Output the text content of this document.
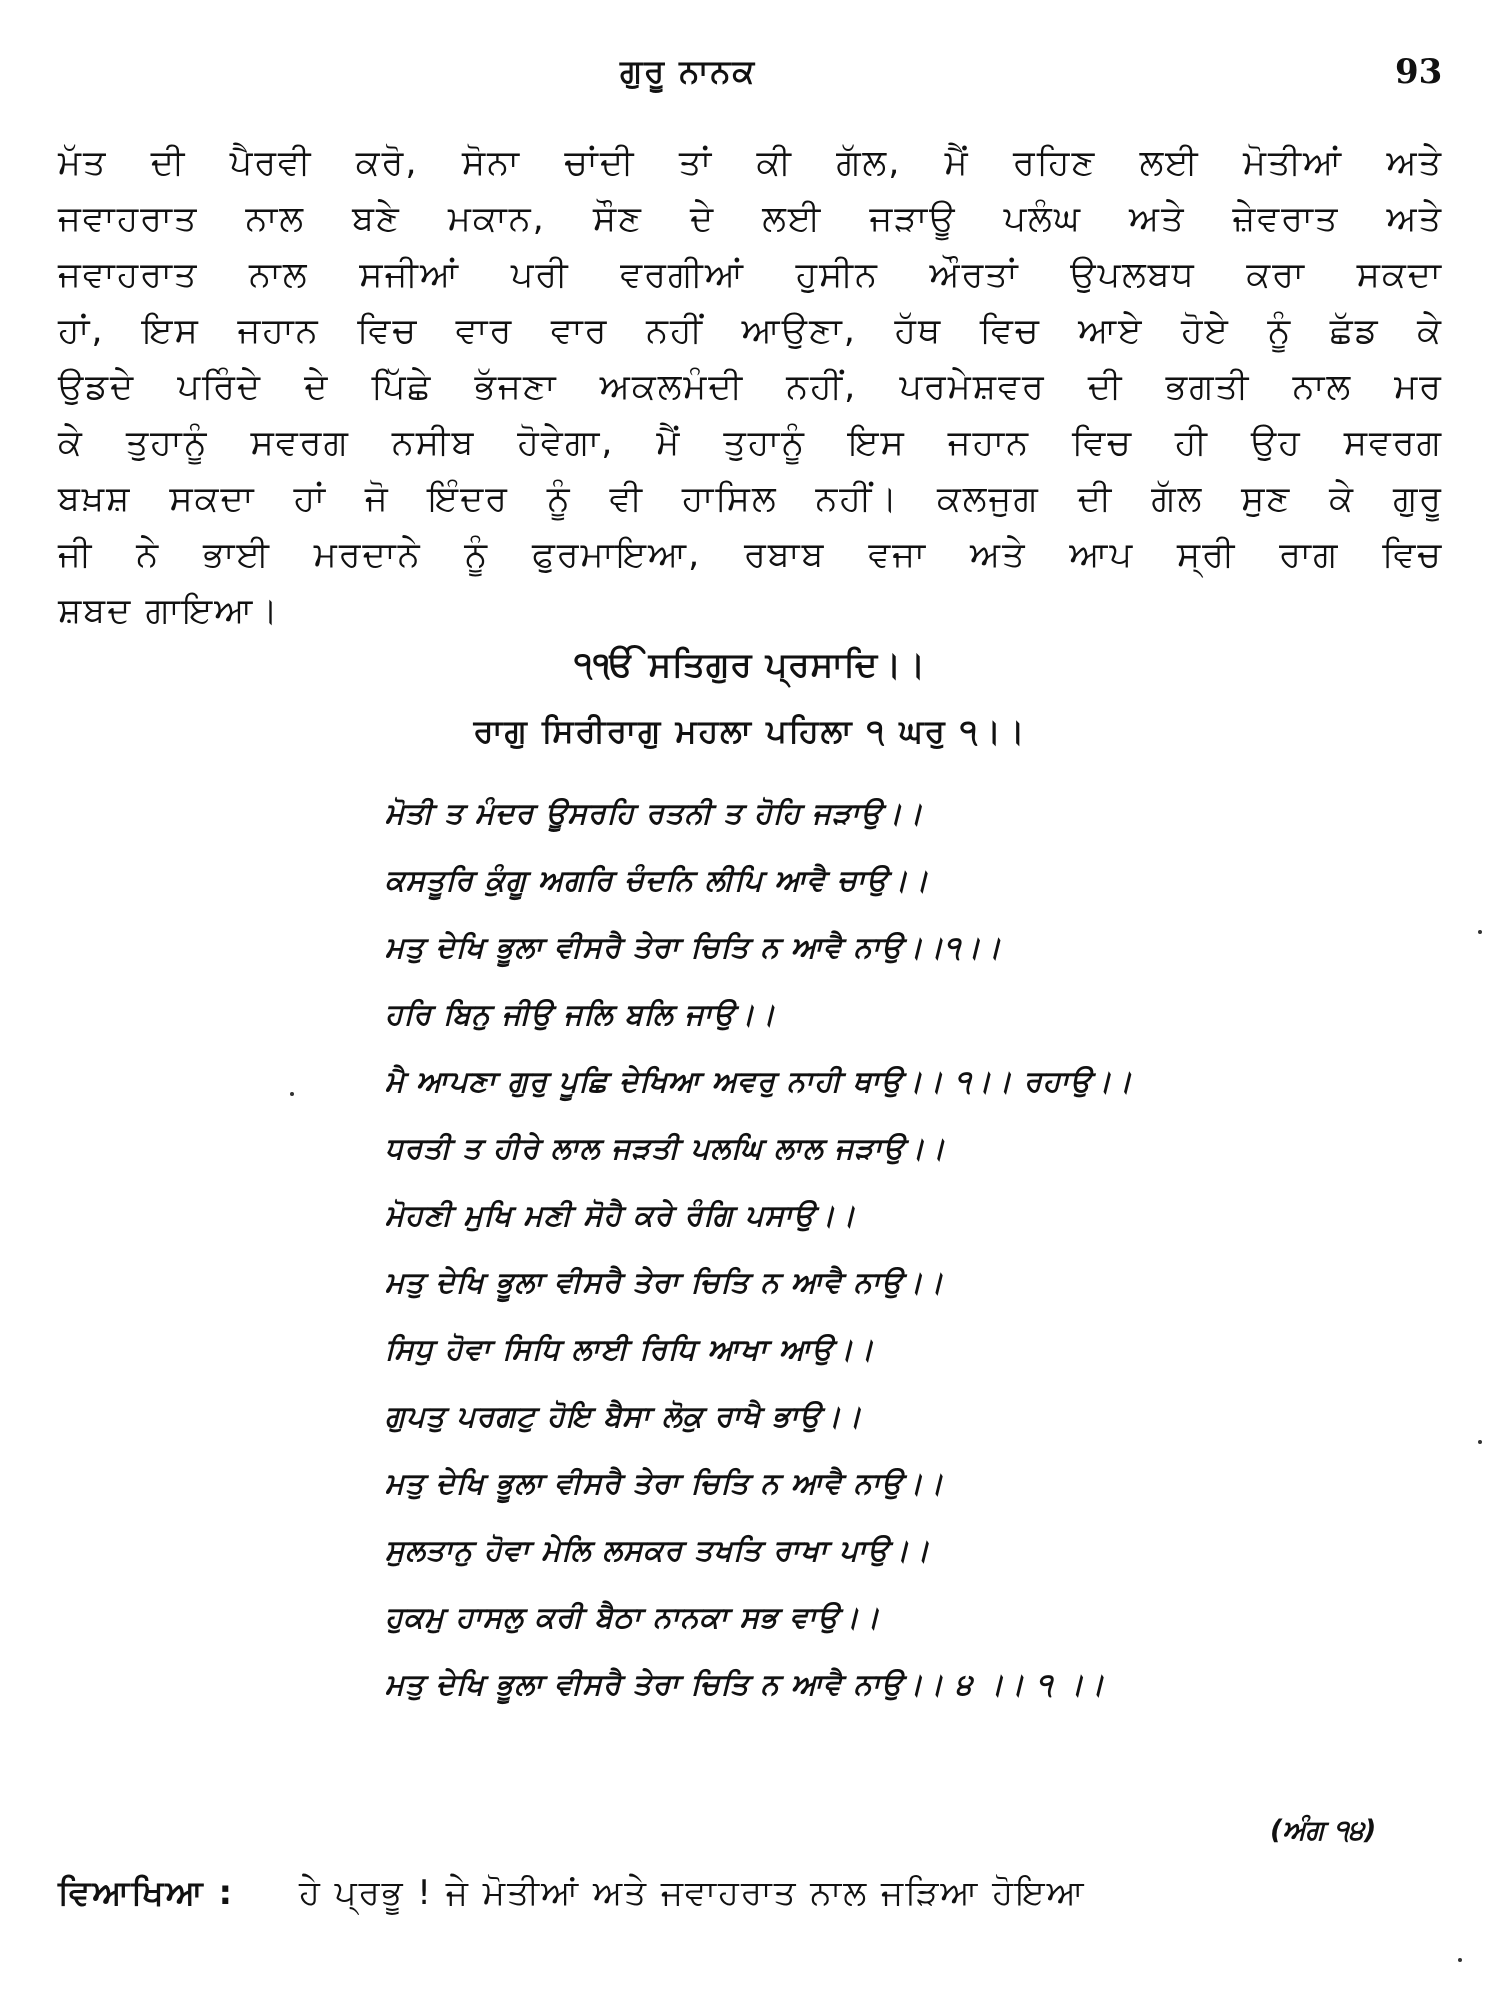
ਗੁਰੂ ਨਾਨਕ	93
ਮੱਤ ਦੀ ਪੈਰਵੀ ਕਰੋ, ਸੋਨਾ ਚਾਂਦੀ ਤਾਂ ਕੀ ਗੱਲ, ਮੈਂ ਰਹਿਣ ਲਈ ਮੋਤੀਆਂ ਅਤੇ
ਜਵਾਹਰਾਤ ਨਾਲ ਬਣੇ ਮਕਾਨ, ਸੌਣ ਦੇ ਲਈ ਜੜਾਊ ਪਲੰਘ ਅਤੇ ਜ਼ੇਵਰਾਤ ਅਤੇ
ਜਵਾਹਰਾਤ ਨਾਲ ਸਜੀਆਂ ਪਰੀ ਵਰਗੀਆਂ ਹੁਸੀਨ ਔਰਤਾਂ ਉਪਲਬਧ ਕਰਾ ਸਕਦਾ
ਹਾਂ, ਇਸ ਜਹਾਨ ਵਿਚ ਵਾਰ ਵਾਰ ਨਹੀਂ ਆਉਣਾ, ਹੱਥ ਵਿਚ ਆਏ ਹੋਏ ਨੂੰ ਛੱਡ ਕੇ
ਉਡਦੇ ਪਰਿੰਦੇ ਦੇ ਪਿੱਛੇ ਭੱਜਣਾ ਅਕਲਮੰਦੀ ਨਹੀਂ, ਪਰਮੇਸ਼ਵਰ ਦੀ ਭਗਤੀ ਨਾਲ ਮਰ
ਕੇ ਤੁਹਾਨੂੰ ਸਵਰਗ ਨਸੀਬ ਹੋਵੇਗਾ, ਮੈਂ ਤੁਹਾਨੂੰ ਇਸ ਜਹਾਨ ਵਿਚ ਹੀ ਉਹ ਸਵਰਗ
ਬਖ਼ਸ਼ ਸਕਦਾ ਹਾਂ ਜੋ ਇੰਦਰ ਨੂੰ ਵੀ ਹਾਸਿਲ ਨਹੀਂ। ਕਲਜੁਗ ਦੀ ਗੱਲ ਸੁਣ ਕੇ ਗੁਰੂ
ਜੀ ਨੇ ਭਾਈ ਮਰਦਾਨੇ ਨੂੰ ਫੁਰਮਾਇਆ, ਰਬਾਬ ਵਜਾ ਅਤੇ ਆਪ ਸ੍ਰੀ ਰਾਗ ਵਿਚ
ਸ਼ਬਦ ਗਾਇਆ।
੧ੴ ਸਤਿਗੁਰ ਪ੍ਰਸਾਦਿ।।
ਰਾਗੁ ਸਿਰੀਰਾਗੁ ਮਹਲਾ ਪਹਿਲਾ ੧ ਘਰੁ ੧।।
ਮੋਤੀ ਤ ਮੰਦਰ ਊਸਰਹਿ ਰਤਨੀ ਤ ਹੋਹਿ ਜੜਾਉ।।
ਕਸਤੂਰਿ ਕੁੰਗੂ ਅਗਰਿ ਚੰਦਨਿ ਲੀਪਿ ਆਵੈ ਚਾਉ।।
ਮਤੁ ਦੇਖਿ ਭੂਲਾ ਵੀਸਰੈ ਤੇਰਾ ਚਿਤਿ ਨ ਆਵੈ ਨਾਉ।।੧।।
ਹਰਿ ਬਿਨੁ ਜੀਉ ਜਲਿ ਬਲਿ ਜਾਉ।।
ਮੈ ਆਪਣਾ ਗੁਰੁ ਪੂਛਿ ਦੇਖਿਆ ਅਵਰੁ ਨਾਹੀ ਥਾਉ।। ੧।। ਰਹਾਉ।।
ਧਰਤੀ ਤ ਹੀਰੇ ਲਾਲ ਜੜਤੀ ਪਲਘਿ ਲਾਲ ਜੜਾਉ।।
ਮੋਹਣੀ ਮੁਖਿ ਮਣੀ ਸੋਹੈ ਕਰੇ ਰੰਗਿ ਪਸਾਉ।।
ਮਤੁ ਦੇਖਿ ਭੂਲਾ ਵੀਸਰੈ ਤੇਰਾ ਚਿਤਿ ਨ ਆਵੈ ਨਾਉ।।
ਸਿਧੁ ਹੋਵਾ ਸਿਧਿ ਲਾਈ ਰਿਧਿ ਆਖਾ ਆਉ।।
ਗੁਪਤੁ ਪਰਗਟੁ ਹੋਇ ਬੈਸਾ ਲੋਕੁ ਰਾਖੈ ਭਾਉ।।
ਮਤੁ ਦੇਖਿ ਭੂਲਾ ਵੀਸਰੈ ਤੇਰਾ ਚਿਤਿ ਨ ਆਵੈ ਨਾਉ।।
ਸੁਲਤਾਨੁ ਹੋਵਾ ਮੇਲਿ ਲਸਕਰ ਤਖਤਿ ਰਾਖਾ ਪਾਉ।।
ਹੁਕਮੁ ਹਾਸਲੁ ਕਰੀ ਬੈਠਾ ਨਾਨਕਾ ਸਭ ਵਾਉ।।
ਮਤੁ ਦੇਖਿ ਭੂਲਾ ਵੀਸਰੈ ਤੇਰਾ ਚਿਤਿ ਨ ਆਵੈ ਨਾਉ।। ੪ ।। ੧ ।।
(ਅੰਗ ੧੪)
ਵਿਆਖਿਆ : ਹੇ ਪ੍ਰਭੂ ! ਜੇ ਮੋਤੀਆਂ ਅਤੇ ਜਵਾਹਰਾਤ ਨਾਲ ਜੜਿਆ ਹੋਇਆ
